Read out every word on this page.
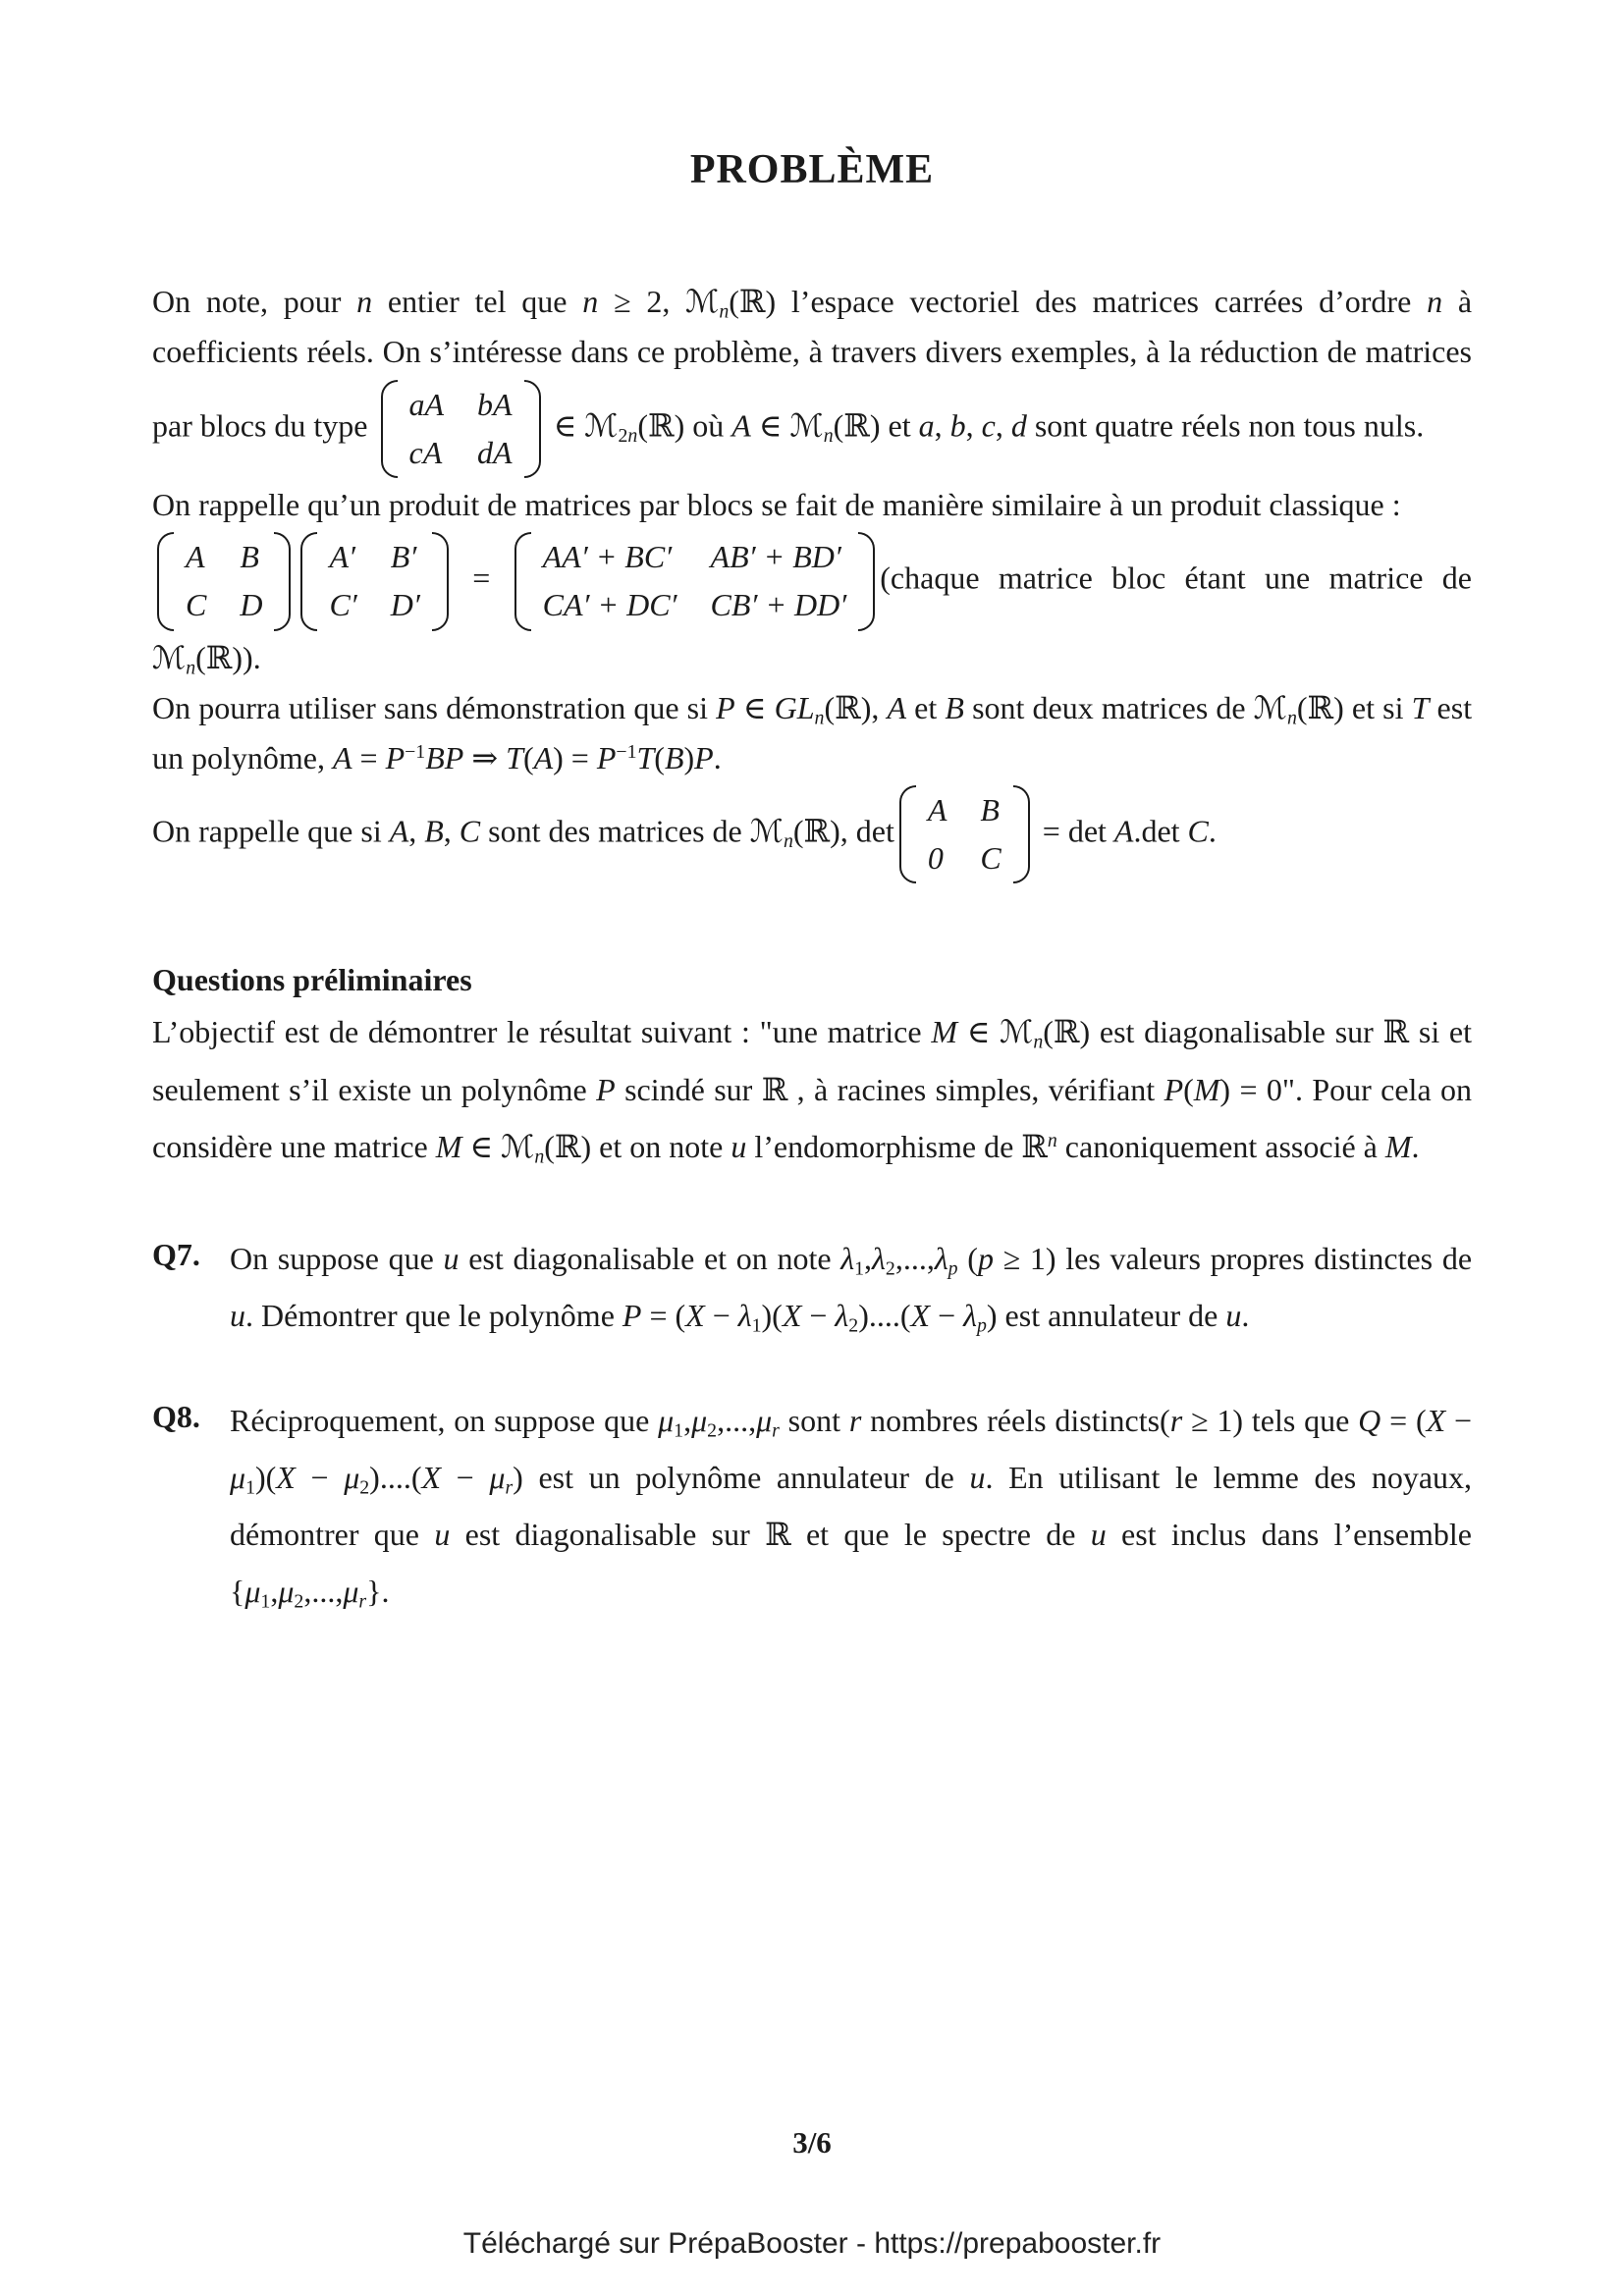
PROBLÈME

On note, pour n entier tel que n ≥ 2, ℳ$_n$(ℝ) l’espace vectoriel des matrices carrées d’ordre n à coefficients réels. On s’intéresse dans ce problème, à travers divers exemples, à la réduction de matrices par blocs du type
aA bA
cA dA
∈ ℳ$_{2n}$(ℝ) où A ∈ ℳ$_n$(ℝ) et a, b, c, d sont quatre réels non tous nuls.

On rappelle qu’un produit de matrices par blocs se fait de manière similaire à un produit classique :

A B
C D
A′ B′
C′ D′
=
AA′ + BC′ AB′ + BD′
CA′ + DC′ CB′ + DD′
(chaque matrice bloc étant une matrice de ℳ$_n$(ℝ)).

On pourra utiliser sans démonstration que si P ∈ $GL_n(ℝ)$, A et B sont deux matrices de ℳ$_n$(ℝ) et si T est un polynôme, $A = P^{-1}BP$ ⇒ $T(A) = P^{-1}T(B)P$.

On rappelle que si A, B, C sont des matrices de ℳ$_n$(ℝ), det
A B
0 C
= det A.det C.

Questions préliminaires

L’objectif est de démontrer le résultat suivant : "une matrice M ∈ ℳ$_n$(ℝ) est diagonalisable sur ℝ si et seulement s’il existe un polynôme P scindé sur ℝ , à racines simples, vérifiant P(M) = 0". Pour cela on considère une matrice M ∈ ℳ$_n$(ℝ) et on note u l’endomorphisme de ℝ$^n$ canoniquement associé à M.

Q7. On suppose que u est diagonalisable et on note $\lambda_1,\lambda_2,...,\lambda_p$ (p ≥ 1) les valeurs propres distinctes de u. Démontrer que le polynôme $P = (X - \lambda_1)(X - \lambda_2)....(X - \lambda_p)$ est annulateur de u.
Q8. Réciproquement, on suppose que $\mu_1,\mu_2,...,\mu_r$ sont r nombres réels distincts(r ≥ 1) tels que $Q = (X - \mu_1)(X - \mu_2)....(X - \mu_r)$ est un polynôme annulateur de u. En utilisant le lemme des noyaux, démontrer que u est diagonalisable sur ℝ et que le spectre de u est inclus dans l’ensemble $\{\mu_1,\mu_2,...,\mu_r\}$.
3/6
Téléchargé sur PrépaBooster - https://prepabooster.fr
